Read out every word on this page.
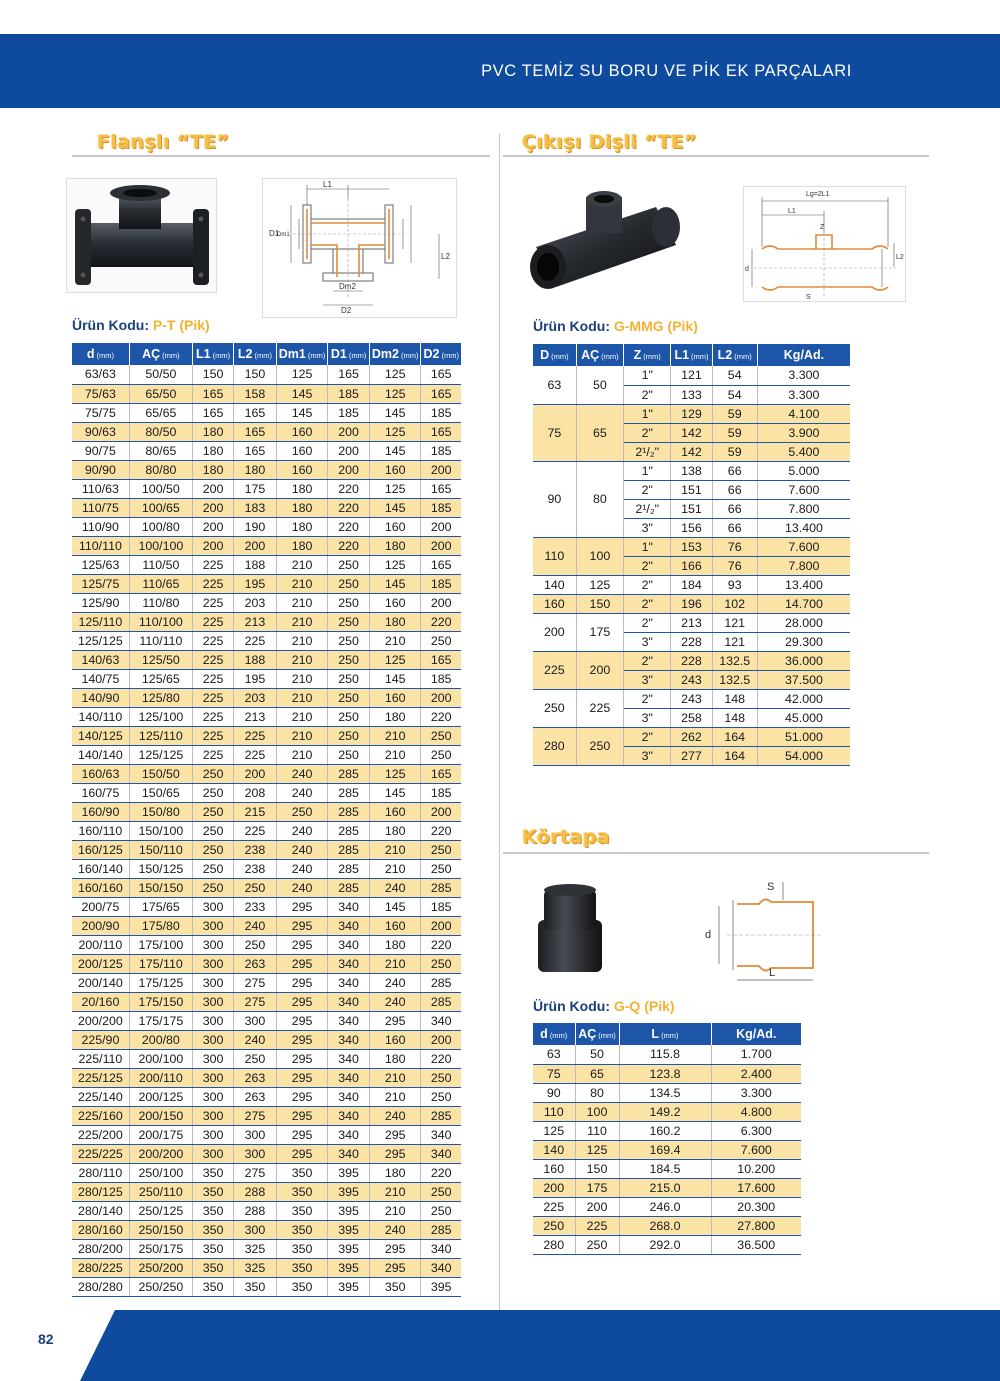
PVC TEMİZ SU BORU VE PİK EK PARÇALARI
Flanşlı “TE”	Çıkışı Dişli “TE”
Körtapa
L1
D1
Dm1
L2
Dm2
D2
Ürün Kodu: P-T (Pik)
d (mm)	AÇ (mm)	L1 (mm)	L2 (mm)	Dm1 (mm)	D1 (mm)	Dm2 (mm)	D2 (mm)
63/63	50/50	150	150	125	165	125	165
75/63	65/50	165	158	145	185	125	165
75/75	65/65	165	165	145	185	145	185
90/63	80/50	180	165	160	200	125	165
90/75	80/65	180	165	160	200	145	185
90/90	80/80	180	180	160	200	160	200
110/63	100/50	200	175	180	220	125	165
110/75	100/65	200	183	180	220	145	185
110/90	100/80	200	190	180	220	160	200
110/110	100/100	200	200	180	220	180	200
125/63	110/50	225	188	210	250	125	165
125/75	110/65	225	195	210	250	145	185
125/90	110/80	225	203	210	250	160	200
125/110	110/100	225	213	210	250	180	220
125/125	110/110	225	225	210	250	210	250
140/63	125/50	225	188	210	250	125	165
140/75	125/65	225	195	210	250	145	185
140/90	125/80	225	203	210	250	160	200
140/110	125/100	225	213	210	250	180	220
140/125	125/110	225	225	210	250	210	250
140/140	125/125	225	225	210	250	210	250
160/63	150/50	250	200	240	285	125	165
160/75	150/65	250	208	240	285	145	185
160/90	150/80	250	215	250	285	160	200
160/110	150/100	250	225	240	285	180	220
160/125	150/110	250	238	240	285	210	250
160/140	150/125	250	238	240	285	210	250
160/160	150/150	250	250	240	285	240	285
200/75	175/65	300	233	295	340	145	185
200/90	175/80	300	240	295	340	160	200
200/110	175/100	300	250	295	340	180	220
200/125	175/110	300	263	295	340	210	250
200/140	175/125	300	275	295	340	240	285
20/160	175/150	300	275	295	340	240	285
200/200	175/175	300	300	295	340	295	340
225/90	200/80	300	240	295	340	160	200
225/110	200/100	300	250	295	340	180	220
225/125	200/110	300	263	295	340	210	250
225/140	200/125	300	263	295	340	210	250
225/160	200/150	300	275	295	340	240	285
225/200	200/175	300	300	295	340	295	340
225/225	200/200	300	300	295	340	295	340
280/110	250/100	350	275	350	395	180	220
280/125	250/110	350	288	350	395	210	250
280/140	250/125	350	288	350	395	210	250
280/160	250/150	350	300	350	395	240	285
280/200	250/175	350	325	350	395	295	340
280/225	250/200	350	325	350	395	295	340
280/280	250/250	350	350	350	395	350	395
Lg=2L1
L1
Z
L2
d
S
Ürün Kodu: G-MMG (Pik)
D (mm)	AÇ (mm)	Z (mm)	L1 (mm)	L2 (mm)	Kg/Ad.
63	50	1"	121	54	3.300
		2"	133	54	3.300
75	65	1"	129	59	4.100
		2"	142	59	3.900
		2¹/₂"	142	59	5.400
90	80	1"	138	66	5.000
		2"	151	66	7.600
		2¹/₂"	151	66	7.800
		3"	156	66	13.400
110	100	1"	153	76	7.600
		2"	166	76	7.800
140	125	2"	184	93	13.400
160	150	2"	196	102	14.700
200	175	2"	213	121	28.000
		3"	228	121	29.300
225	200	2"	228	132.5	36.000
		3"	243	132.5	37.500
250	225	2"	243	148	42.000
		3"	258	148	45.000
280	250	2"	262	164	51.000
		3"	277	164	54.000
S
d
L
Ürün Kodu: G-Q (Pik)
d (mm)	AÇ (mm)	L (mm)	Kg/Ad.
63	50	115.8	1.700
75	65	123.8	2.400
90	80	134.5	3.300
110	100	149.2	4.800
125	110	160.2	6.300
140	125	169.4	7.600
160	150	184.5	10.200
200	175	215.0	17.600
225	200	246.0	20.300
250	225	268.0	27.800
280	250	292.0	36.500
82
